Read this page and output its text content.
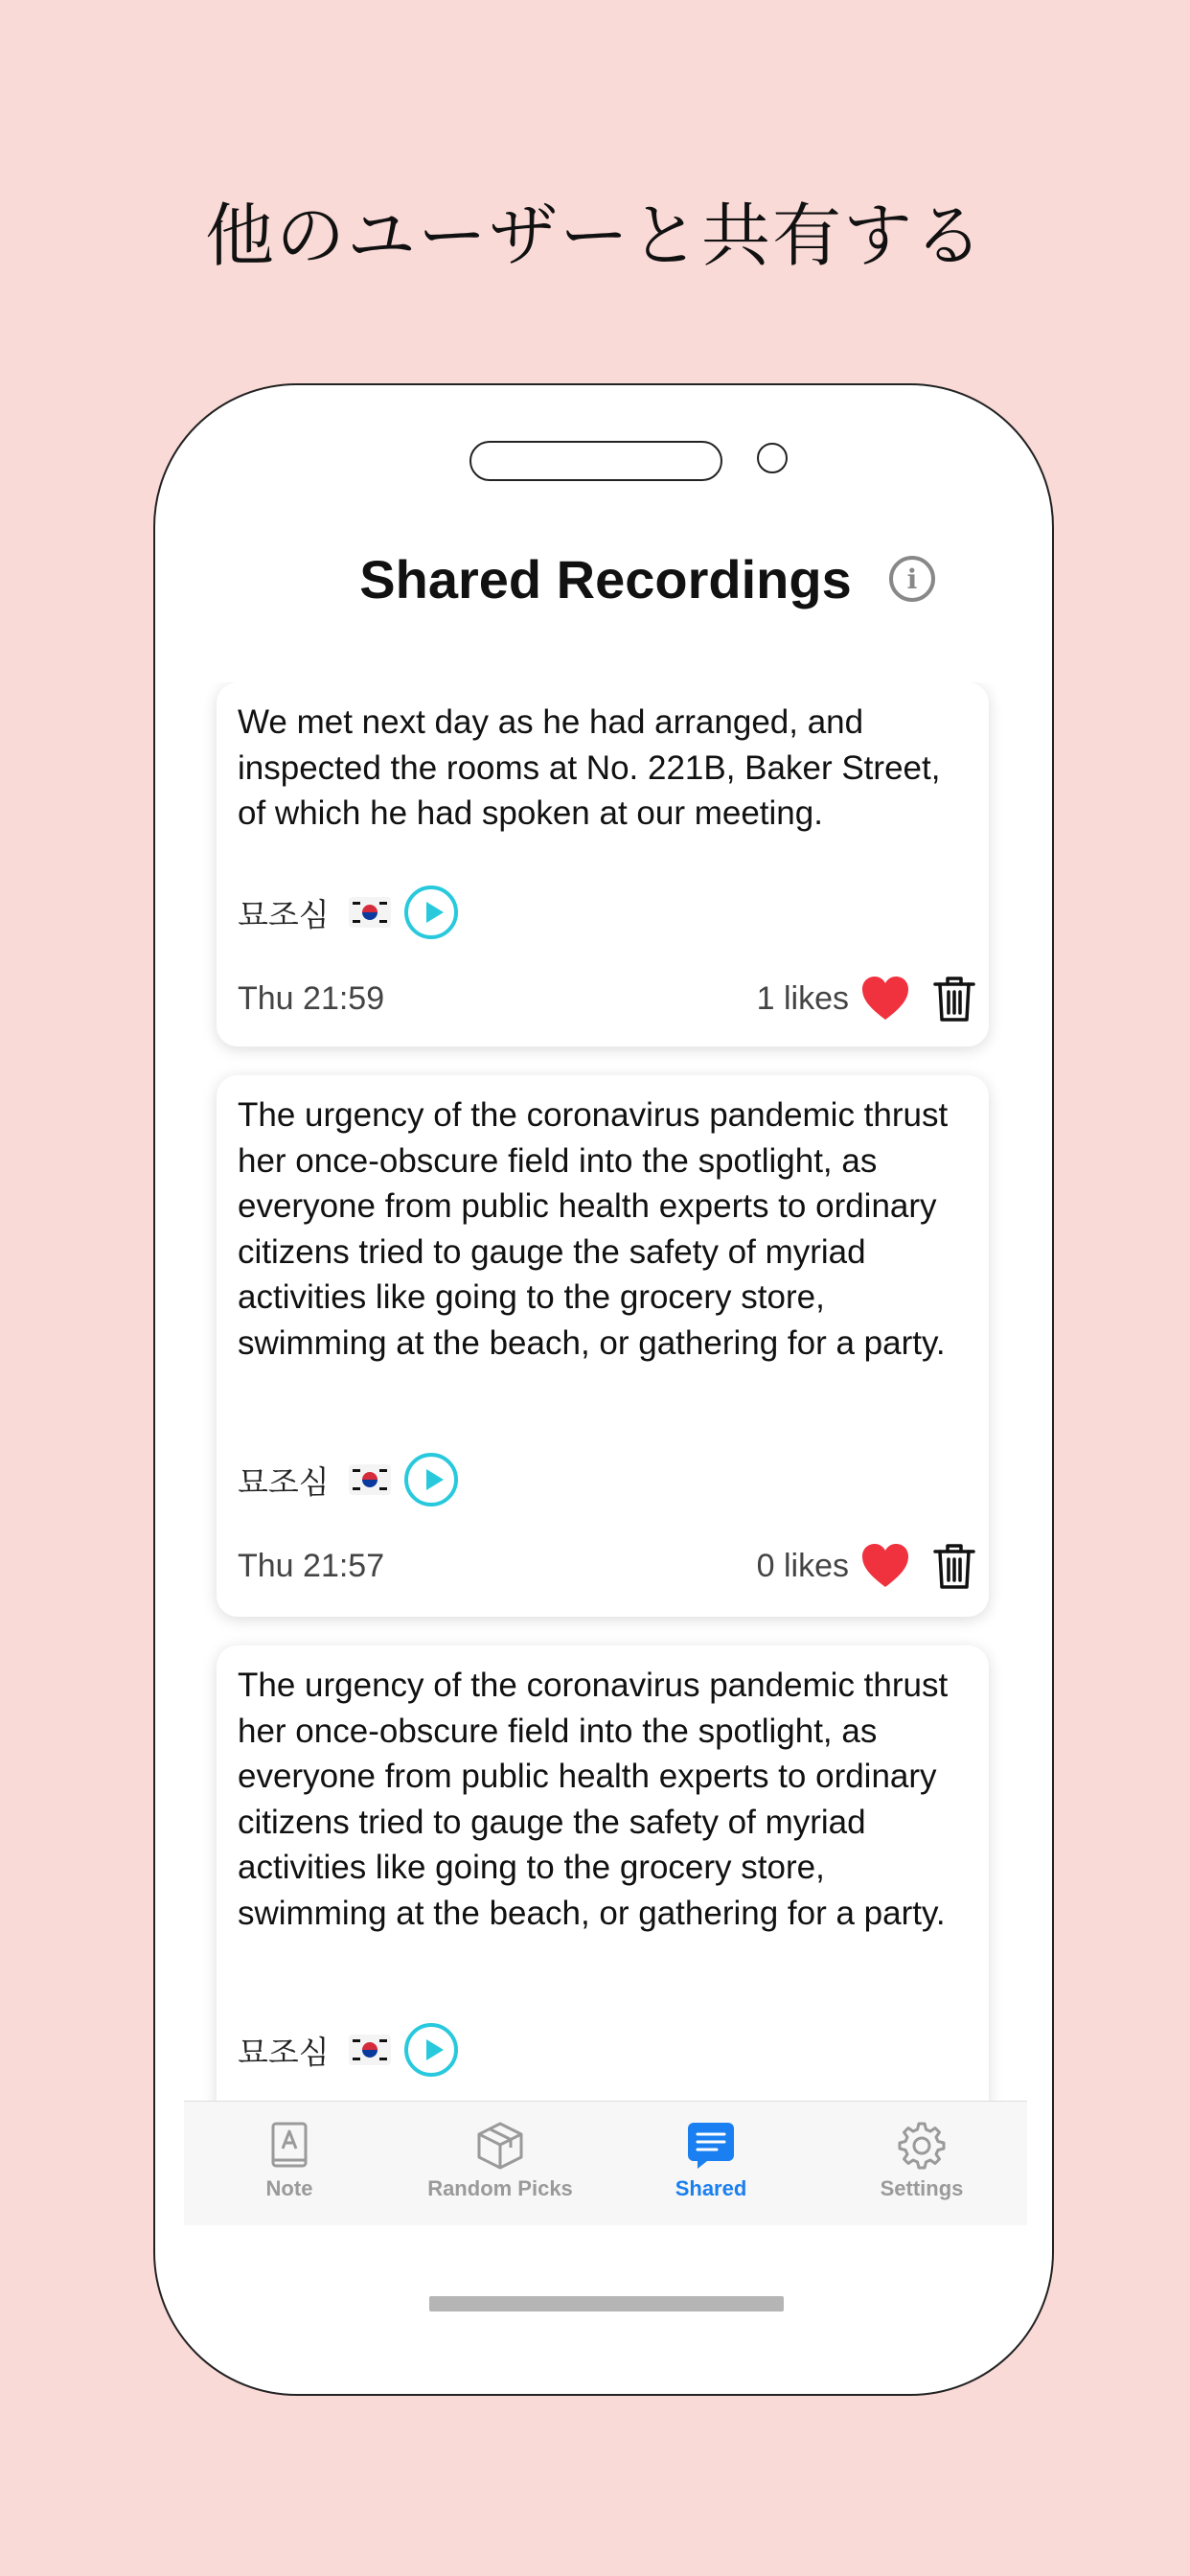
他のユーザーと共有する
Shared Recordings	i
We met next day as he had arranged, and inspected the rooms at No. 221B, Baker Street, of which he had spoken at our meeting.
묘조심
Thu 21:59	1 likes
The urgency of the coronavirus pandemic thrust her once-obscure field into the spotlight, as everyone from public health experts to ordinary citizens tried to gauge the safety of myriad activities like going to the grocery store, swimming at the beach, or gathering for a party.
묘조심
Thu 21:57	0 likes
The urgency of the coronavirus pandemic thrust her once-obscure field into the spotlight, as everyone from public health experts to ordinary citizens tried to gauge the safety of myriad activities like going to the grocery store, swimming at the beach, or gathering for a party.
묘조심
Note	Random Picks	Shared	Settings
